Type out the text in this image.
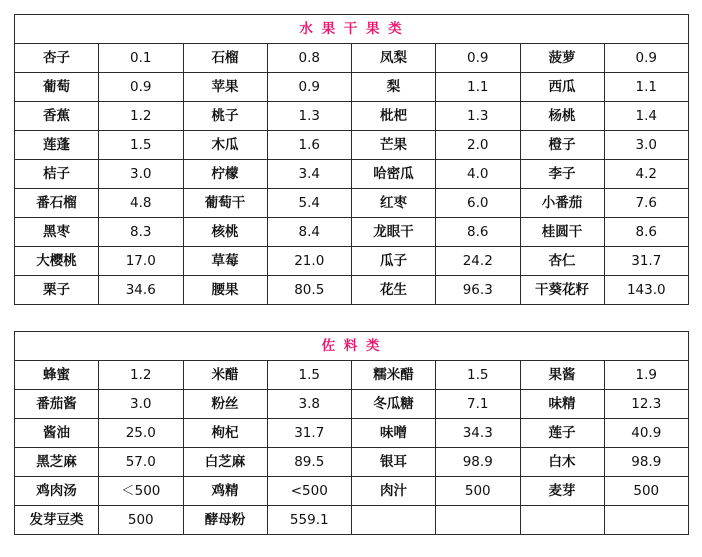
水 果 干 果 类							
杏子	0.1	石榴	0.8	凤梨	0.9	菠萝	0.9
葡萄	0.9	苹果	0.9	梨	1.1	西瓜	1.1
香蕉	1.2	桃子	1.3	枇杷	1.3	杨桃	1.4
莲蓬	1.5	木瓜	1.6	芒果	2.0	橙子	3.0
桔子	3.0	柠檬	3.4	哈密瓜	4.0	李子	4.2
番石榴	4.8	葡萄干	5.4	红枣	6.0	小番茄	7.6
黑枣	8.3	核桃	8.4	龙眼干	8.6	桂圆干	8.6
大樱桃	17.0	草莓	21.0	瓜子	24.2	杏仁	31.7
栗子	34.6	腰果	80.5	花生	96.3	干葵花籽	143.0
佐 料 类							
蜂蜜	1.2	米醋	1.5	糯米醋	1.5	果酱	1.9
番茄酱	3.0	粉丝	3.8	冬瓜糖	7.1	味精	12.3
酱油	25.0	枸杞	31.7	味噌	34.3	莲子	40.9
黑芝麻	57.0	白芝麻	89.5	银耳	98.9	白木	98.9
鸡肉汤	＜500	鸡精	<500	肉汁	500	麦芽	500
发芽豆类	500	酵母粉	559.1				
